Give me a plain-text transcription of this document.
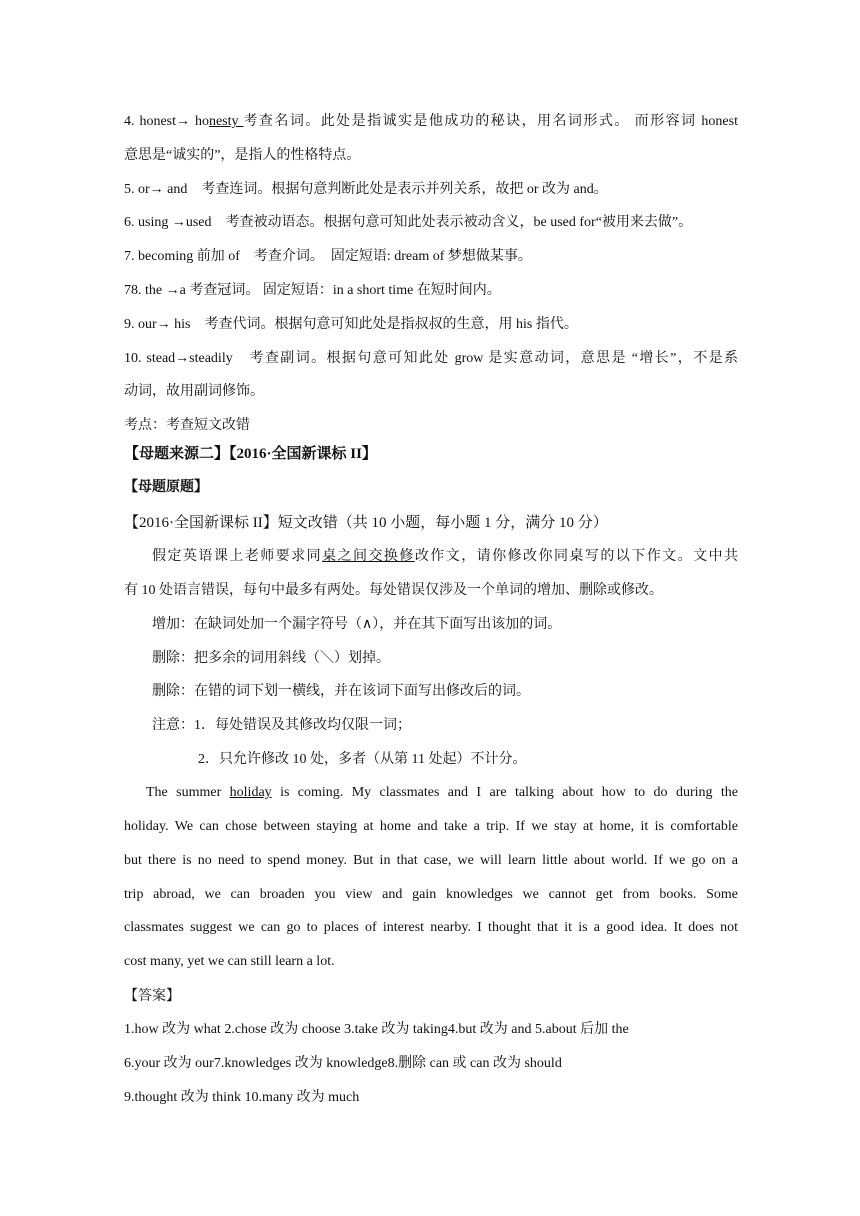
4. honest→ honesty 考查名词。此处是指诚实是他成功的秘诀，用名词形式。 而形容词 honest
意思是“诚实的”，是指人的性格特点。
5. or→ and　考查连词。根据句意判断此处是表示并列关系，故把 or 改为 and。
6. using →used　考查被动语态。根据句意可知此处表示被动含义，be used for“被用来去做”。
7. becoming 前加 of　考查介词。　固定短语: dream of 梦想做某事。
78. the →a 考查冠词。 固定短语：in a short time 在短时间内。
9. our→ his　考查代词。根据句意可知此处是指叔叔的生意，用 his 指代。
10. stead→steadily　考查副词。根据句意可知此处 grow 是实意动词，意思是 “增长”，不是系
动词，故用副词修饰。
考点：考查短文改错
【母题来源二】【2016·全国新课标 II】
【母题原题】
【2016·全国新课标 II】短文改错（共 10 小题，每小题 1 分，满分 10 分）
假定英语课上老师要求同桌之间交换修改作文，请你修改你同桌写的以下作文。文中共
有 10 处语言错误，每句中最多有两处。每处错误仅涉及一个单词的增加、删除或修改。
增加：在缺词处加一个漏字符号（∧），并在其下面写出该加的词。
删除：把多余的词用斜线（＼）划掉。
删除：在错的词下划一横线，并在该词下面写出修改后的词。
注意：1．每处错误及其修改均仅限一词；
2．只允许修改 10 处，多者（从第 11 处起）不计分。
The summer holiday is coming. My classmates and I are talking about how to do during the
holiday. We can chose between staying at home and take a trip. If we stay at home, it is comfortable
but there is no need to spend money. But in that case, we will learn little about world. If we go on a
trip abroad, we can broaden you view and gain knowledges we cannot get from books. Some
classmates suggest we can go to places of interest nearby. I thought that it is a good idea. It does not
cost many, yet we can still learn a lot.
【答案】
1.how 改为 what 2.chose 改为 choose 3.take 改为 taking4.but 改为 and 5.about 后加 the
6.your 改为 our7.knowledges 改为 knowledge8.删除 can 或 can 改为 should
9.thought 改为 think 10.many 改为 much
